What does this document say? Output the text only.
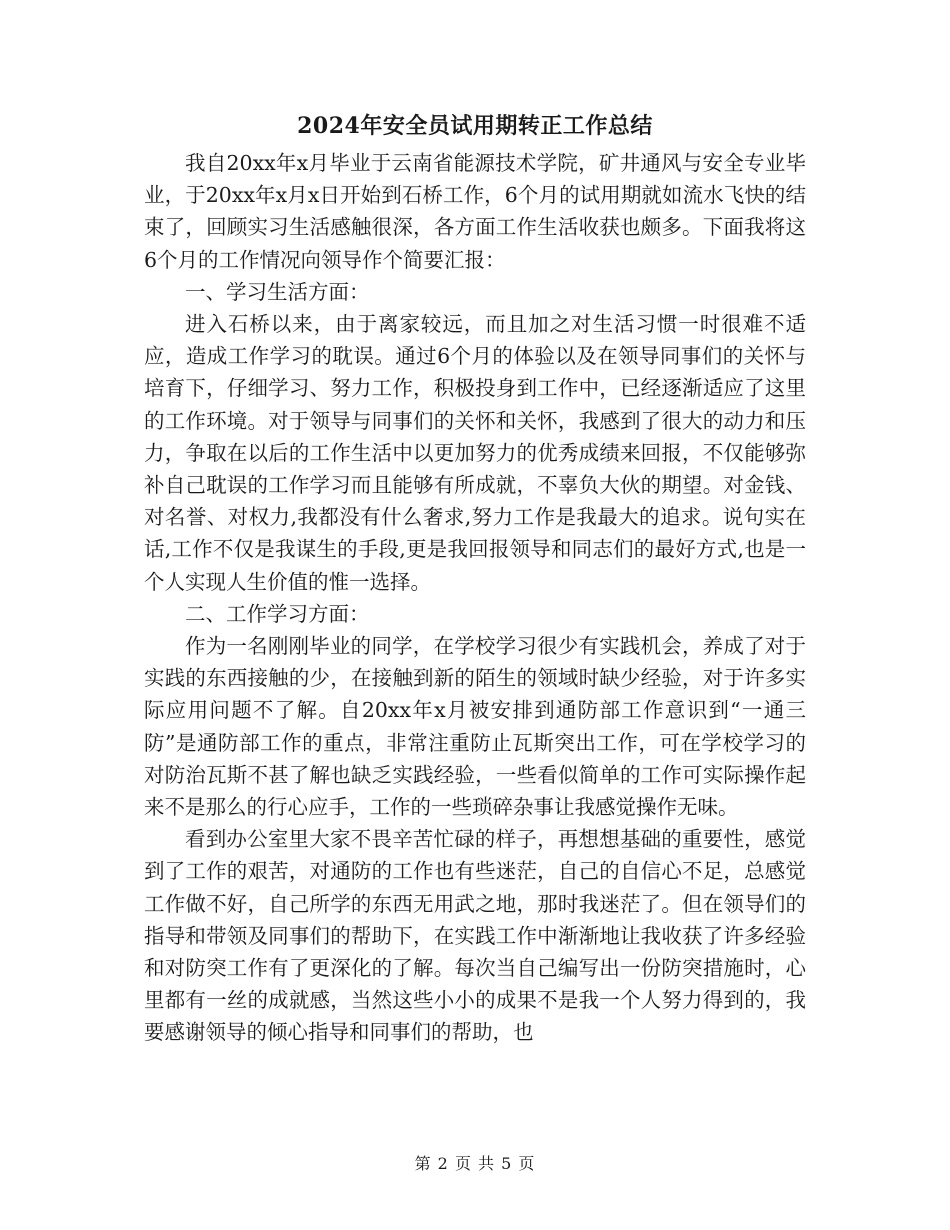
2024年安全员试用期转正工作总结

我自20xx年x月毕业于云南省能源技术学院，矿井通风与安全专业毕业，于20xx年x月x日开始到石桥工作，6个月的试用期就如流水飞快的结束了，回顾实习生活感触很深，各方面工作生活收获也颇多。下面我将这6个月的工作情况向领导作个简要汇报：

一、学习生活方面：

进入石桥以来，由于离家较远，而且加之对生活习惯一时很难不适应，造成工作学习的耽误。通过6个月的体验以及在领导同事们的关怀与培育下，仔细学习、努力工作，积极投身到工作中，已经逐渐适应了这里的工作环境。对于领导与同事们的关怀和关怀，我感到了很大的动力和压力，争取在以后的工作生活中以更加努力的优秀成绩来回报，不仅能够弥补自己耽误的工作学习而且能够有所成就，不辜负大伙的期望。对金钱、对名誉、对权力,我都没有什么奢求,努力工作是我最大的追求。说句实在话,工作不仅是我谋生的手段,更是我回报领导和同志们的最好方式,也是一个人实现人生价值的惟一选择。

二、工作学习方面：

作为一名刚刚毕业的同学，在学校学习很少有实践机会，养成了对于实践的东西接触的少，在接触到新的陌生的领域时缺少经验，对于许多实际应用问题不了解。自20xx年x月被安排到通防部工作意识到“一通三防”是通防部工作的重点，非常注重防止瓦斯突出工作，可在学校学习的对防治瓦斯不甚了解也缺乏实践经验，一些看似简单的工作可实际操作起来不是那么的行心应手，工作的一些琐碎杂事让我感觉操作无味。

看到办公室里大家不畏辛苦忙碌的样子，再想想基础的重要性，感觉到了工作的艰苦，对通防的工作也有些迷茫，自己的自信心不足，总感觉工作做不好，自己所学的东西无用武之地，那时我迷茫了。但在领导们的指导和带领及同事们的帮助下，在实践工作中渐渐地让我收获了许多经验和对防突工作有了更深化的了解。每次当自己编写出一份防突措施时，心里都有一丝的成就感，当然这些小小的成果不是我一个人努力得到的，我要感谢领导的倾心指导和同事们的帮助，也

第 2 页 共 5 页
